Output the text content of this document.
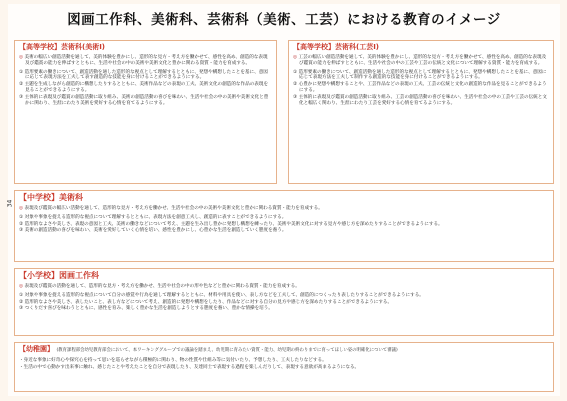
図画工作科、美術科、芸術科（美術、工芸）における教育のイメージ
34
【高等学校】芸術科(美術Ⅰ)
◎ 美術の幅広い創造活動を通して、美的体験を豊かにし、造形的な見方・考え方を働かせて、感性を高め、創造的な表現及び鑑賞の能力を伸ばすとともに、生活や社会の中の美術や美術文化と豊かに関わる資質・能力を育成する。
① 造形要素の働きについて、創造活動を通した造形的な視点として理解するとともに、発想や構想したことを基に、意図に応じて表現方法を工夫して表す創造的な技能を身に付けることができるようにする。
② 主題を生成しながら創造的に構想したりするとともに、美術作品などの表現の工夫、美術文化の創造的な作品の表現を見ることができるようにする。
③ 主体的に表現及び鑑賞の創造活動に取り組み、美術の創造活動の喜びを味わい、生活や社会の中の美術や美術文化と豊かに関わり、生涯にわたり美術を愛好する心情を育てるようにする。
【高等学校】芸術科(工芸Ⅰ)
◎ 工芸の幅広い創造活動を通して、美的体験を豊かにし、造形的な見方・考え方を働かせて、感性を高め、創造的な表現及び鑑賞の能力を伸ばすとともに、生活や社会の中の工芸や工芸の伝統と文化について理解する資質・能力を育成する。
① 造形要素の働きについて、創造活動を通した造形的な視点として理解するとともに、発想や構想したことを基に、意図に応じて表現方法を工夫して制作する創造的な技能を身に付けることができるようにする。
② 心豊かに発想や構想することや、工芸作品などの表現の工夫、工芸の伝統と文化の創造的な作品を見ることができるようにする。
③ 主体的に表現及び鑑賞の創造活動に取り組み、工芸の創造活動の喜びを味わい、生活や社会の中の工芸や工芸の伝統と文化と幅広く関わり、生涯にわたり工芸を愛好する心情を育てるようにする。
【中学校】美術科
◎ 表現及び鑑賞の幅広い活動を通して、造形的な見方・考え方を働かせ、生活や社会の中の美術や美術文化と豊かに関わる資質・能力を育成する。
① 対象や事象を捉える造形的な視点について理解するとともに、表現方法を創意工夫し、創造的に表すことができるようにする。
② 造形的なよさや美しさ、表現の意図と工夫、美術の働きなどについて考え、主題を生み出し豊かに発想し構想を練ったり、美術や美術文化に対する見方や感じ方を深めたりすることができるようにする。
③ 美術の創造活動の喜びを味わい、美術を愛好していく心情を培い、感性を豊かにし、心豊かな生活を創造していく態度を養う。
【小学校】図画工作科
◎ 表現及び鑑賞の活動を通して、造形的な見方・考え方を働かせ、生活や社会の中の形や色などと豊かに関わる資質・能力を育成する。
① 対象や事象を捉える造形的な視点について自分の感覚や行為を通して理解するとともに、材料や用具を使い、表し方などを工夫して、創造的につくったり表したりすることができるようにする。
② 造形的なよさや美しさ、表したいこと、表し方などについて考え、創造的に発想や構想をしたり、作品などに対する自分の見方や感じ方を深めたりすることができるようにする。
③ つくりだす喜びを味わうとともに、感性を育み、楽しく豊かな生活を創造しようとする態度を養い、豊かな情操を培う。
【幼稚園】 (教育課程部会幼児教育部会において、本ワーキンググループでの議論を踏まえ、幼児期に育みたい資質・能力、幼児期の終わりまでに育ってほしい姿の明確化について審議)
・身近な事象に好奇心や探究心を持って思いを巡らせながら積極的に関わり、物の性質や仕組み等に気付いたり、予想したり、工夫したりなどする。
・生活の中で心動かす出来事に触れ、感じたことや考えたことを自分で表現したり、友達同士で表現する過程を楽しんだりして、表現する意欲が高まるようになる。
